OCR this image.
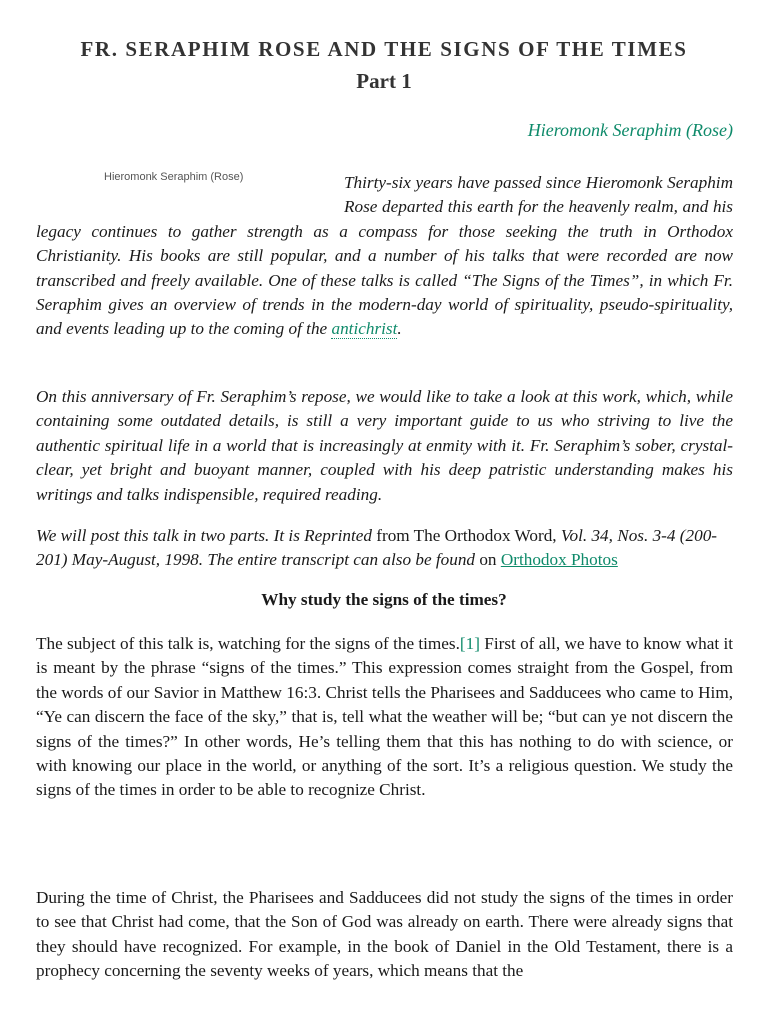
FR. SERAPHIM ROSE AND THE SIGNS OF THE TIMES
Part 1
Hieromonk Seraphim (Rose)
Hieromonk Seraphim (Rose)	Thirty-six years have passed since Hieromonk Seraphim Rose departed this earth for the heavenly realm, and his legacy continues to gather strength as a compass for those seeking the truth in Orthodox Christianity. His books are still popular, and a number of his talks that were recorded are now transcribed and freely available. One of these talks is called “The Signs of the Times”, in which Fr. Seraphim gives an overview of trends in the modern-day world of spirituality, pseudo-spirituality, and events leading up to the coming of the antichrist.

On this anniversary of Fr. Seraphim’s repose, we would like to take a look at this work, which, while containing some outdated details, is still a very important guide to us who striving to live the authentic spiritual life in a world that is increasingly at enmity with it. Fr. Seraphim’s sober, crystal-clear, yet bright and buoyant manner, coupled with his deep patristic understanding makes his writings and talks indispensible, required reading.

We will post this talk in two parts. It is Reprinted from The Orthodox Word, Vol. 34, Nos. 3-4 (200-201) May-August, 1998. The entire transcript can also be found on Orthodox Photos

Why study the signs of the times?

The subject of this talk is, watching for the signs of the times.[1] First of all, we have to know what it is meant by the phrase “signs of the times.” This expression comes straight from the Gospel, from the words of our Savior in Matthew 16:3. Christ tells the Pharisees and Sadducees who came to Him, “Ye can discern the face of the sky,” that is, tell what the weather will be; “but can ye not discern the signs of the times?” In other words, He’s telling them that this has nothing to do with science, or with knowing our place in the world, or anything of the sort. It’s a religious question. We study the signs of the times in order to be able to recognize Christ.

During the time of Christ, the Pharisees and Sadducees did not study the signs of the times in order to see that Christ had come, that the Son of God was already on earth. There were already signs that they should have recognized. For example, in the book of Daniel in the Old Testament, there is a prophecy concerning the seventy weeks of years, which means that the
